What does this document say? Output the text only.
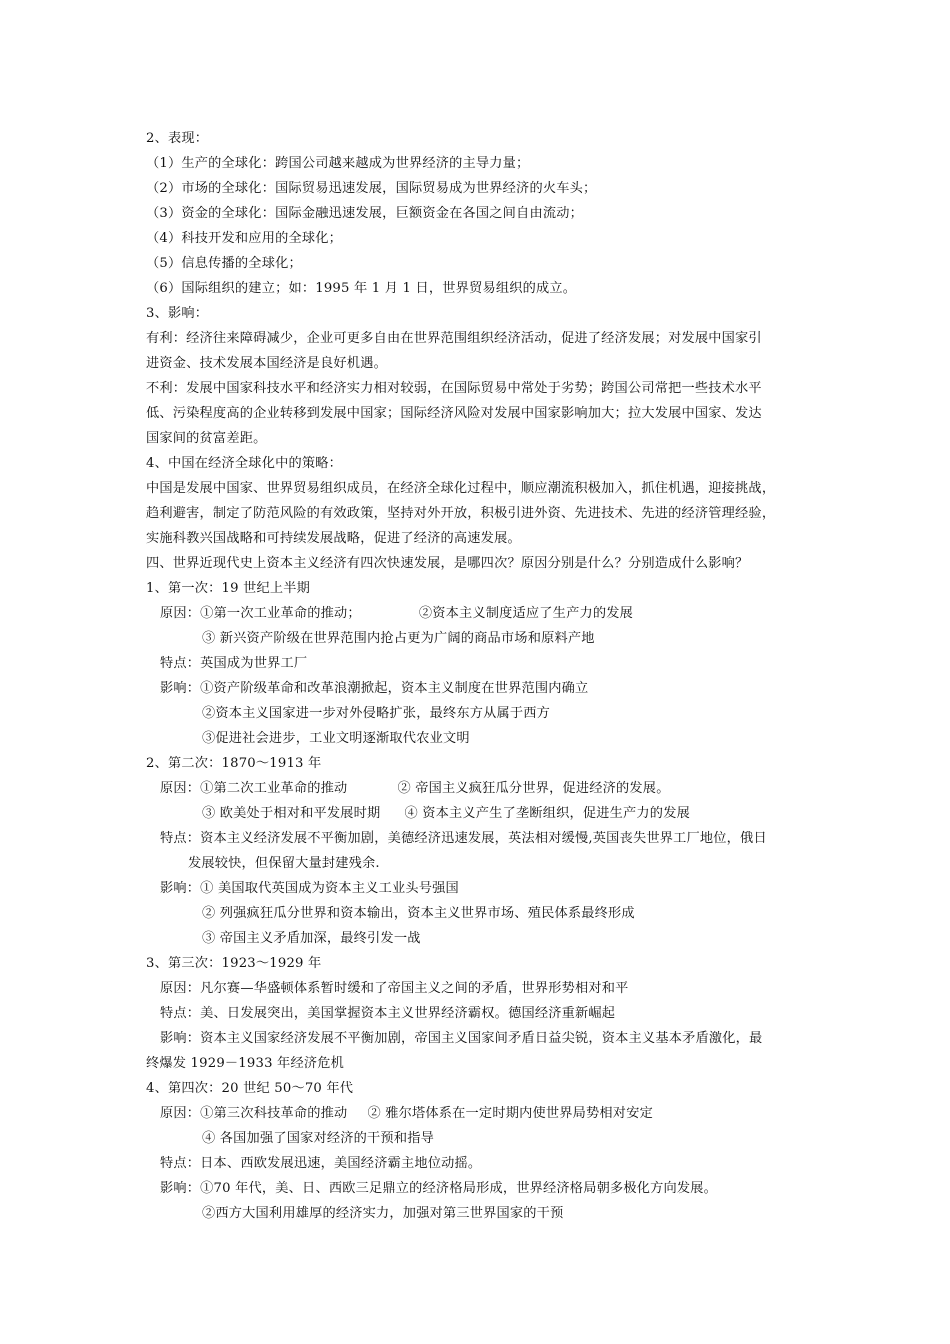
2、表现：
（1）生产的全球化：跨国公司越来越成为世界经济的主导力量；
（2）市场的全球化：国际贸易迅速发展，国际贸易成为世界经济的火车头；
（3）资金的全球化：国际金融迅速发展，巨额资金在各国之间自由流动；
（4）科技开发和应用的全球化；
（5）信息传播的全球化；
（6）国际组织的建立；如：1995 年 1 月 1 日，世界贸易组织的成立。
3、影响：
有利：经济往来障碍减少，企业可更多自由在世界范围组织经济活动，促进了经济发展；对发展中国家引
进资金、技术发展本国经济是良好机遇。
不利：发展中国家科技水平和经济实力相对较弱，在国际贸易中常处于劣势；跨国公司常把一些技术水平
低、污染程度高的企业转移到发展中国家；国际经济风险对发展中国家影响加大；拉大发展中国家、发达
国家间的贫富差距。
4、中国在经济全球化中的策略：
中国是发展中国家、世界贸易组织成员，在经济全球化过程中，顺应潮流积极加入，抓住机遇，迎接挑战，
趋利避害，制定了防范风险的有效政策，坚持对外开放，积极引进外资、先进技术、先进的经济管理经验，
实施科教兴国战略和可持续发展战略，促进了经济的高速发展。
四、世界近现代史上资本主义经济有四次快速发展，是哪四次？原因分别是什么？分别造成什么影响？
1、第一次：19 世纪上半期
原因：①第一次工业革命的推动；	②资本主义制度适应了生产力的发展
③ 新兴资产阶级在世界范围内抢占更为广阔的商品市场和原料产地
特点：英国成为世界工厂
影响：①资产阶级革命和改革浪潮掀起，资本主义制度在世界范围内确立
②资本主义国家进一步对外侵略扩张，最终东方从属于西方
③促进社会进步，工业文明逐渐取代农业文明
2、第二次：1870～1913 年
原因：①第二次工业革命的推动	② 帝国主义疯狂瓜分世界，促进经济的发展。
③ 欧美处于相对和平发展时期 ④ 资本主义产生了垄断组织，促进生产力的发展
特点：资本主义经济发展不平衡加剧，美德经济迅速发展，英法相对缓慢,英国丧失世界工厂地位，俄日
发展较快，但保留大量封建残余.
影响：① 美国取代英国成为资本主义工业头号强国
② 列强疯狂瓜分世界和资本输出，资本主义世界市场、殖民体系最终形成
③ 帝国主义矛盾加深，最终引发一战
3、第三次：1923～1929 年
原因：凡尔赛—华盛顿体系暂时缓和了帝国主义之间的矛盾，世界形势相对和平
特点：美、日发展突出，美国掌握资本主义世界经济霸权。德国经济重新崛起
影响：资本主义国家经济发展不平衡加剧，帝国主义国家间矛盾日益尖锐，资本主义基本矛盾激化，最
终爆发 1929－1933 年经济危机
4、第四次：20 世纪 50～70 年代
原因：①第三次科技革命的推动 ② 雅尔塔体系在一定时期内使世界局势相对安定
④ 各国加强了国家对经济的干预和指导
特点：日本、西欧发展迅速，美国经济霸主地位动摇。
影响：①70 年代，美、日、西欧三足鼎立的经济格局形成，世界经济格局朝多极化方向发展。
②西方大国利用雄厚的经济实力，加强对第三世界国家的干预
